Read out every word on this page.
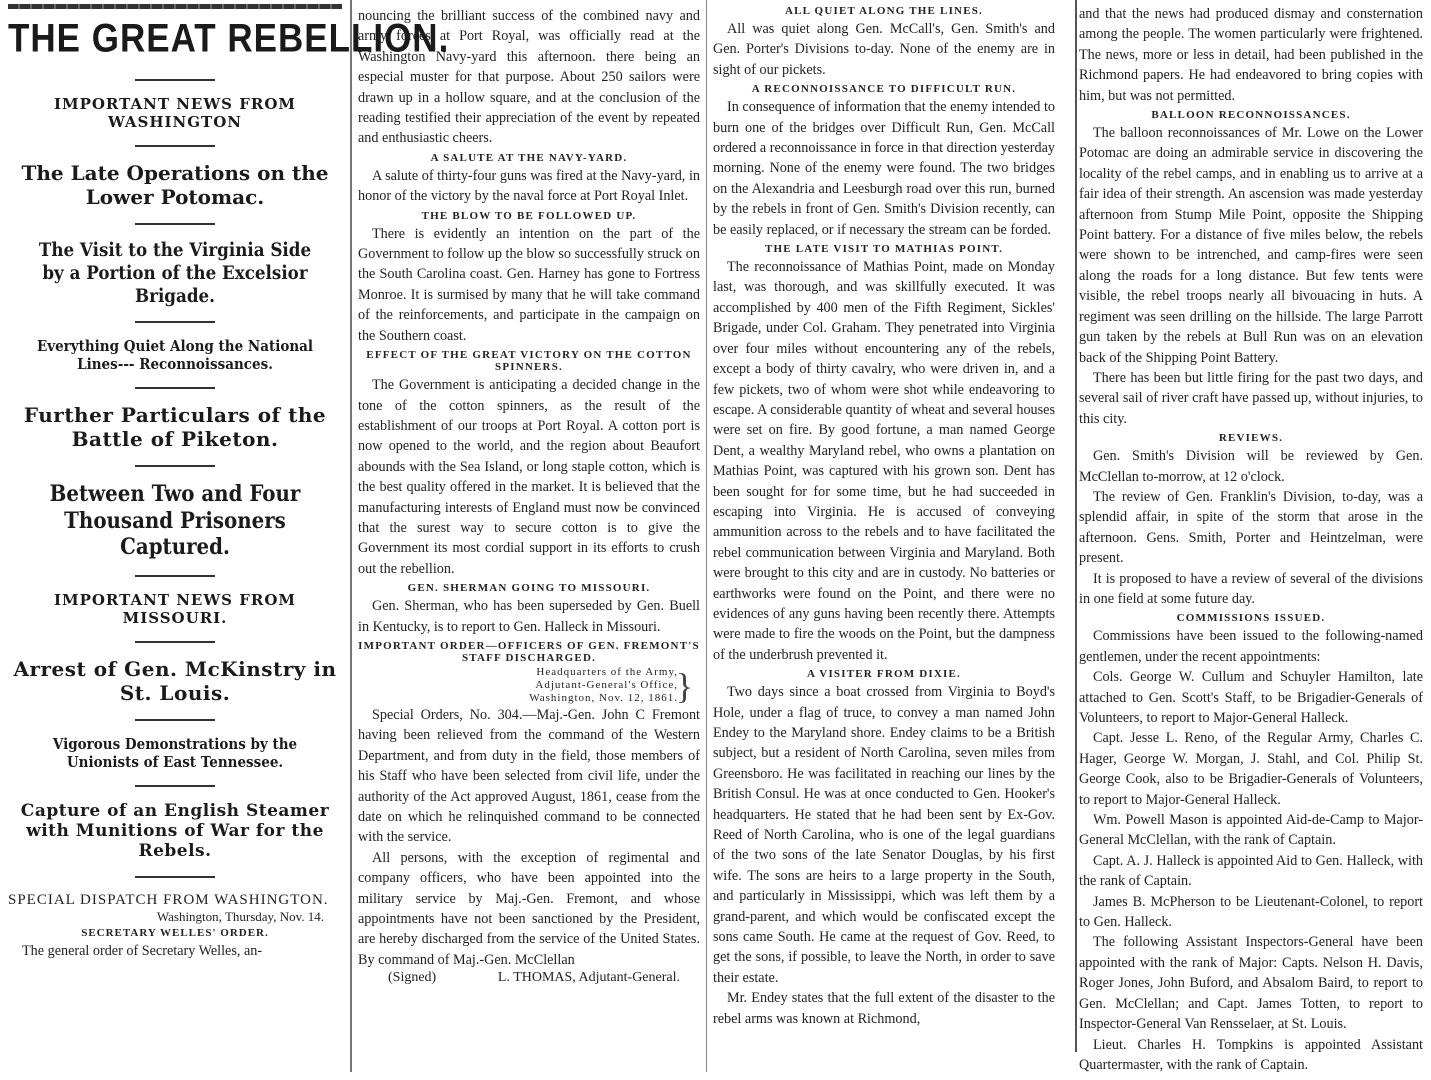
THE GREAT REBELLION.
IMPORTANT NEWS FROM WASHINGTON
The Late Operations on the Lower Potomac.
The Visit to the Virginia Side by a Portion of the Excelsior Brigade.
Everything Quiet Along the National Lines--- Reconnoissances.
Further Particulars of the Battle of Piketon.
Between Two and Four Thousand Prisoners Captured.
IMPORTANT NEWS FROM MISSOURI.
Arrest of Gen. McKinstry in St. Louis.
Vigorous Demonstrations by the Unionists of East Tennessee.
Capture of an English Steamer with Munitions of War for the Rebels.
SPECIAL DISPATCH FROM WASHINGTON.
Washington, Thursday, Nov. 14.
SECRETARY WELLES' ORDER.

The general order of Secretary Welles, an-

nouncing the brilliant success of the combined navy and army forces at Port Royal, was officially read at the Washington Navy-yard this afternoon. there being an especial muster for that purpose. About 250 sailors were drawn up in a hollow square, and at the conclusion of the reading testified their appreciation of the event by repeated and enthusiastic cheers.

A SALUTE AT THE NAVY-YARD.

A salute of thirty-four guns was fired at the Navy-yard, in honor of the victory by the naval force at Port Royal Inlet.

THE BLOW TO BE FOLLOWED UP.

There is evidently an intention on the part of the Government to follow up the blow so successfully struck on the South Carolina coast. Gen. Harney has gone to Fortress Monroe. It is surmised by many that he will take command of the reinforcements, and participate in the campaign on the Southern coast.

EFFECT OF THE GREAT VICTORY ON THE COTTON SPINNERS.

The Government is anticipating a decided change in the tone of the cotton spinners, as the result of the establishment of our troops at Port Royal. A cotton port is now opened to the world, and the region about Beaufort abounds with the Sea Island, or long staple cotton, which is the best quality offered in the market. It is believed that the manufacturing interests of England must now be convinced that the surest way to secure cotton is to give the Government its most cordial support in its efforts to crush out the rebellion.

GEN. SHERMAN GOING TO MISSOURI.

Gen. Sherman, who has been superseded by Gen. Buell in Kentucky, is to report to Gen. Halleck in Missouri.

IMPORTANT ORDER—OFFICERS OF GEN. FREMONT'S STAFF DISCHARGED.
Headquarters of the Army,
Adjutant-General's Office,
Washington, Nov. 12, 1861.
}

Special Orders, No. 304.—Maj.-Gen. John C Fremont having been relieved from the command of the Western Department, and from duty in the field, those members of his Staff who have been selected from civil life, under the authority of the Act approved August, 1861, cease from the date on which he relinquished command to be connected with the service.

All persons, with the exception of regimental and company officers, who have been appointed into the military service by Maj.-Gen. Fremont, and whose appointments have not been sanctioned by the President, are hereby discharged from the service of the United States. By command of Maj.-Gen. McClellan

(Signed)	L. THOMAS, Adjutant-General.
ALL QUIET ALONG THE LINES.

All was quiet along Gen. McCall's, Gen. Smith's and Gen. Porter's Divisions to-day. None of the enemy are in sight of our pickets.

A RECONNOISSANCE TO DIFFICULT RUN.

In consequence of information that the enemy intended to burn one of the bridges over Difficult Run, Gen. McCall ordered a reconnoissance in force in that direction yesterday morning. None of the enemy were found. The two bridges on the Alexandria and Leesburgh road over this run, burned by the rebels in front of Gen. Smith's Division recently, can be easily replaced, or if necessary the stream can be forded.

THE LATE VISIT TO MATHIAS POINT.

The reconnoissance of Mathias Point, made on Monday last, was thorough, and was skillfully executed. It was accomplished by 400 men of the Fifth Regiment, Sickles' Brigade, under Col. Graham. They penetrated into Virginia over four miles without encountering any of the rebels, except a body of thirty cavalry, who were driven in, and a few pickets, two of whom were shot while endeavoring to escape. A considerable quantity of wheat and several houses were set on fire. By good fortune, a man named George Dent, a wealthy Maryland rebel, who owns a plantation on Mathias Point, was captured with his grown son. Dent has been sought for for some time, but he had succeeded in escaping into Virginia. He is accused of conveying ammunition across to the rebels and to have facilitated the rebel communication between Virginia and Maryland. Both were brought to this city and are in custody. No batteries or earthworks were found on the Point, and there were no evidences of any guns having been recently there. Attempts were made to fire the woods on the Point, but the dampness of the underbrush prevented it.

A VISITER FROM DIXIE.

Two days since a boat crossed from Virginia to Boyd's Hole, under a flag of truce, to convey a man named John Endey to the Maryland shore. Endey claims to be a British subject, but a resident of North Carolina, seven miles from Greensboro. He was facilitated in reaching our lines by the British Consul. He was at once conducted to Gen. Hooker's headquarters. He stated that he had been sent by Ex-Gov. Reed of North Carolina, who is one of the legal guardians of the two sons of the late Senator Douglas, by his first wife. The sons are heirs to a large property in the South, and particularly in Mississippi, which was left them by a grand-parent, and which would be confiscated except the sons came South. He came at the request of Gov. Reed, to get the sons, if possible, to leave the North, in order to save their estate.

Mr. Endey states that the full extent of the disaster to the rebel arms was known at Richmond,

and that the news had produced dismay and consternation among the people. The women particularly were frightened. The news, more or less in detail, had been published in the Richmond papers. He had endeavored to bring copies with him, but was not permitted.

BALLOON RECONNOISSANCES.

The balloon reconnoissances of Mr. Lowe on the Lower Potomac are doing an admirable service in discovering the locality of the rebel camps, and in enabling us to arrive at a fair idea of their strength. An ascension was made yesterday afternoon from Stump Mile Point, opposite the Shipping Point battery. For a distance of five miles below, the rebels were shown to be intrenched, and camp-fires were seen along the roads for a long distance. But few tents were visible, the rebel troops nearly all bivouacing in huts. A regiment was seen drilling on the hillside. The large Parrott gun taken by the rebels at Bull Run was on an elevation back of the Shipping Point Battery.

There has been but little firing for the past two days, and several sail of river craft have passed up, without injuries, to this city.

REVIEWS.

Gen. Smith's Division will be reviewed by Gen. McClellan to-morrow, at 12 o'clock.

The review of Gen. Franklin's Division, to-day, was a splendid affair, in spite of the storm that arose in the afternoon. Gens. Smith, Porter and Heintzelman, were present.

It is proposed to have a review of several of the divisions in one field at some future day.

COMMISSIONS ISSUED.

Commissions have been issued to the following-named gentlemen, under the recent appointments:

Cols. George W. Cullum and Schuyler Hamilton, late attached to Gen. Scott's Staff, to be Brigadier-Generals of Volunteers, to report to Major-General Halleck.

Capt. Jesse L. Reno, of the Regular Army, Charles C. Hager, George W. Morgan, J. Stahl, and Col. Philip St. George Cook, also to be Brigadier-Generals of Volunteers, to report to Major-General Halleck.

Wm. Powell Mason is appointed Aid-de-Camp to Major-General McClellan, with the rank of Captain.

Capt. A. J. Halleck is appointed Aid to Gen. Halleck, with the rank of Captain.

James B. McPherson to be Lieutenant-Colonel, to report to Gen. Halleck.

The following Assistant Inspectors-General have been appointed with the rank of Major: Capts. Nelson H. Davis, Roger Jones, John Buford, and Absalom Baird, to report to Gen. McClellan; and Capt. James Totten, to report to Inspector-General Van Rensselaer, at St. Louis.

Lieut. Charles H. Tompkins is appointed Assistant Quartermaster, with the rank of Captain.
